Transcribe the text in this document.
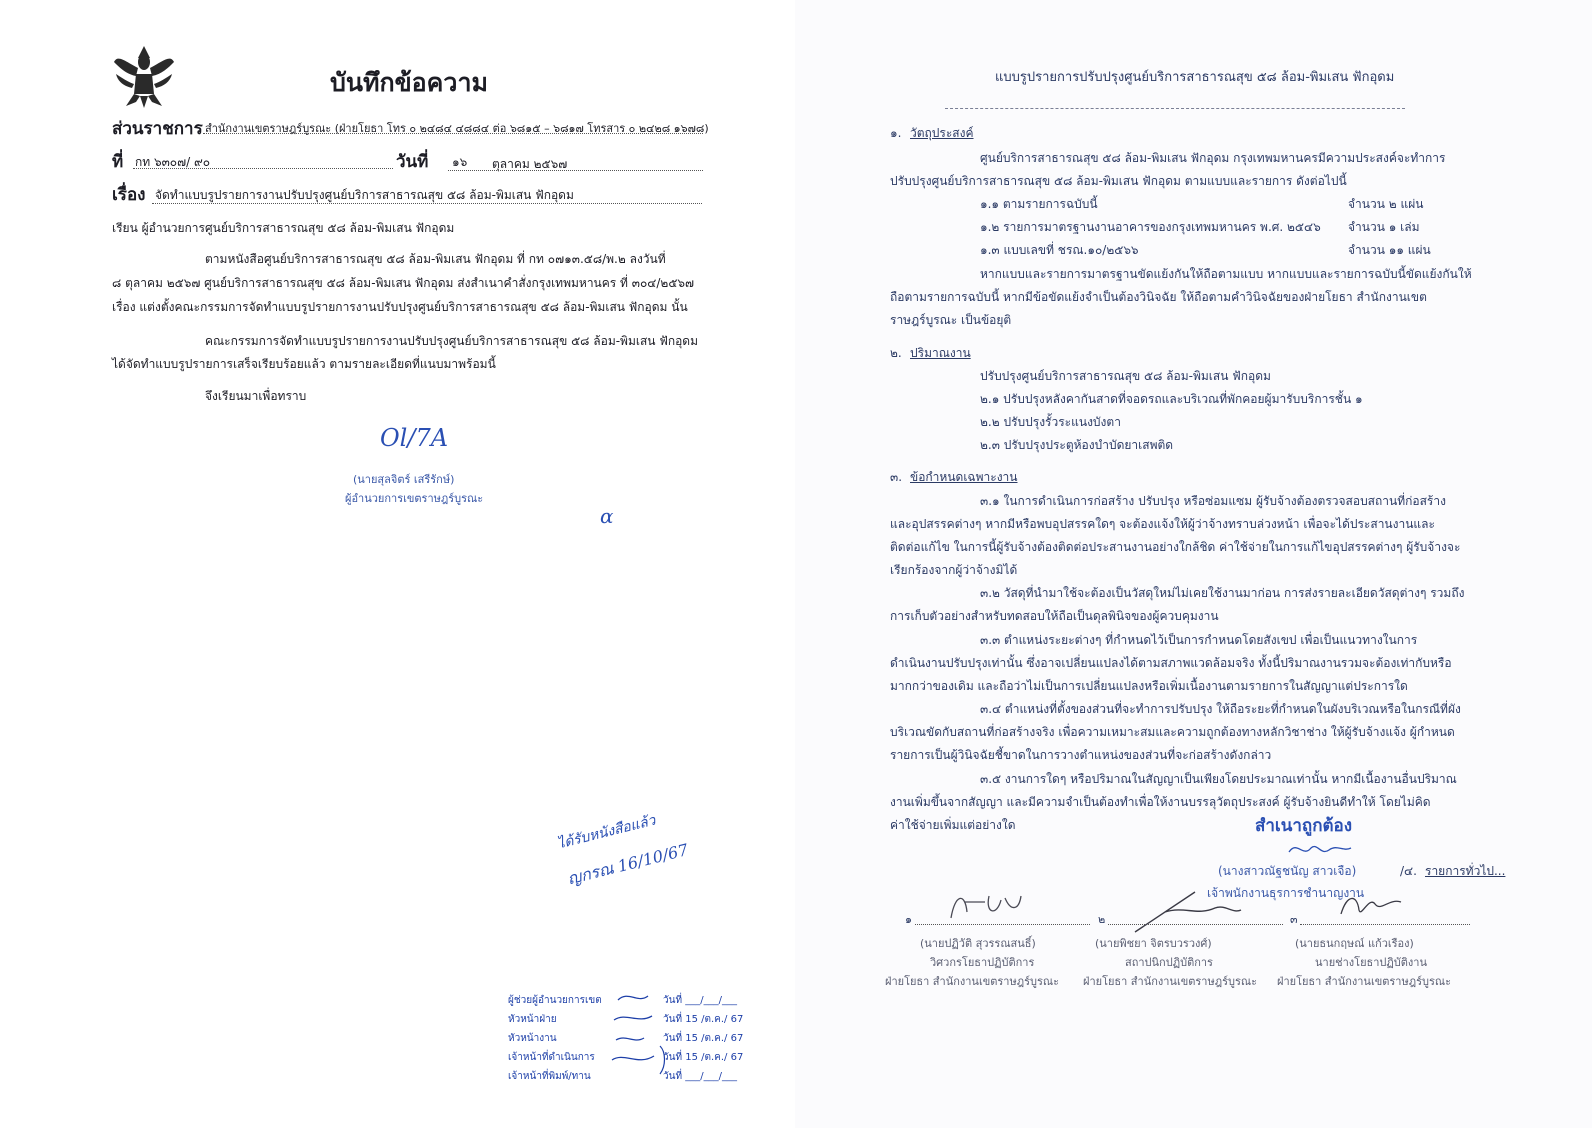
บันทึกข้อความ
ส่วนราชการ สำนักงานเขตราษฎร์บูรณะ (ฝ่ายโยธา โทร ๐ ๒๔๘๔ ๔๘๘๔ ต่อ ๖๘๑๕ – ๖๘๑๗ โทรสาร ๐ ๒๔๒๘ ๑๖๗๘)
ที่ กท ๖๓๐๗/ ๙๐	วันที่ ๑๖ ตุลาคม ๒๕๖๗
เรื่อง จัดทำแบบรูปรายการงานปรับปรุงศูนย์บริการสาธารณสุข ๕๘ ล้อม-พิมเสน ฟักอุดม
เรียน ผู้อำนวยการศูนย์บริการสาธารณสุข ๕๘ ล้อม-พิมเสน ฟักอุดม
ตามหนังสือศูนย์บริการสาธารณสุข ๕๘ ล้อม-พิมเสน ฟักอุดม ที่ กท ๐๗๑๓.๕๘/พ.๒ ลงวันที่
๘ ตุลาคม ๒๕๖๗ ศูนย์บริการสาธารณสุข ๕๘ ล้อม-พิมเสน ฟักอุดม ส่งสำเนาคำสั่งกรุงเทพมหานคร ที่ ๓๐๔/๒๕๖๗
เรื่อง แต่งตั้งคณะกรรมการจัดทำแบบรูปรายการงานปรับปรุงศูนย์บริการสาธารณสุข ๕๘ ล้อม-พิมเสน ฟักอุดม นั้น
คณะกรรมการจัดทำแบบรูปรายการงานปรับปรุงศูนย์บริการสาธารณสุข ๕๘ ล้อม-พิมเสน ฟักอุดม
ได้จัดทำแบบรูปรายการเสร็จเรียบร้อยแล้ว ตามรายละเอียดที่แนบมาพร้อมนี้
จึงเรียนมาเพื่อทราบ
Ol/7A
(นายสุลจิตร์ เสรีรักษ์)
ผู้อำนวยการเขตราษฎร์บูรณะ
ɑ
ได้รับหนังสือแล้ว
ญกรณ 16/10/67
ผู้ช่วยผู้อำนวยการเขต	วันที่ ___/___/___
หัวหน้าฝ่าย	วันที่ 15 /ต.ค./ 67
หัวหน้างาน	วันที่ 15 /ต.ค./ 67
เจ้าหน้าที่ดำเนินการ	วันที่ 15 /ต.ค./ 67
เจ้าหน้าที่พิมพ์/ทาน	วันที่ ___/___/___
แบบรูปรายการปรับปรุงศูนย์บริการสาธารณสุข ๕๘ ล้อม-พิมเสน ฟักอุดม
๑. วัตถุประสงค์
ศูนย์บริการสาธารณสุข ๕๘ ล้อม-พิมเสน ฟักอุดม กรุงเทพมหานครมีความประสงค์จะทำการ
ปรับปรุงศูนย์บริการสาธารณสุข ๕๘ ล้อม-พิมเสน ฟักอุดม ตามแบบและรายการ ดังต่อไปนี้
๑.๑ ตามรายการฉบับนี้	จำนวน ๒ แผ่น
๑.๒ รายการมาตรฐานงานอาคารของกรุงเทพมหานคร พ.ศ. ๒๕๔๖ จำนวน ๑ เล่ม
๑.๓ แบบเลขที่ ชรณ.๑๐/๒๕๖๖	จำนวน ๑๑ แผ่น
หากแบบและรายการมาตรฐานขัดแย้งกันให้ถือตามแบบ หากแบบและรายการฉบับนี้ขัดแย้งกันให้
ถือตามรายการฉบับนี้ หากมีข้อขัดแย้งจำเป็นต้องวินิจฉัย ให้ถือตามคำวินิจฉัยของฝ่ายโยธา สำนักงานเขต
ราษฎร์บูรณะ เป็นข้อยุติ
๒. ปริมาณงาน
ปรับปรุงศูนย์บริการสาธารณสุข ๕๘ ล้อม-พิมเสน ฟักอุดม
๒.๑ ปรับปรุงหลังคากันสาดที่จอดรถและบริเวณที่พักคอยผู้มารับบริการชั้น ๑
๒.๒ ปรับปรุงรั้วระแนงบังตา
๒.๓ ปรับปรุงประตูห้องบำบัดยาเสพติด
๓. ข้อกำหนดเฉพาะงาน
๓.๑ ในการดำเนินการก่อสร้าง ปรับปรุง หรือซ่อมแซม ผู้รับจ้างต้องตรวจสอบสถานที่ก่อสร้าง
และอุปสรรคต่างๆ หากมีหรือพบอุปสรรคใดๆ จะต้องแจ้งให้ผู้ว่าจ้างทราบล่วงหน้า เพื่อจะได้ประสานงานและ
ติดต่อแก้ไข ในการนี้ผู้รับจ้างต้องติดต่อประสานงานอย่างใกล้ชิด ค่าใช้จ่ายในการแก้ไขอุปสรรคต่างๆ ผู้รับจ้างจะ
เรียกร้องจากผู้ว่าจ้างมิได้
๓.๒ วัสดุที่นำมาใช้จะต้องเป็นวัสดุใหม่ไม่เคยใช้งานมาก่อน การส่งรายละเอียดวัสดุต่างๆ รวมถึง
การเก็บตัวอย่างสำหรับทดสอบให้ถือเป็นดุลพินิจของผู้ควบคุมงาน
๓.๓ ตำแหน่งระยะต่างๆ ที่กำหนดไว้เป็นการกำหนดโดยสังเขป เพื่อเป็นแนวทางในการ
ดำเนินงานปรับปรุงเท่านั้น ซึ่งอาจเปลี่ยนแปลงได้ตามสภาพแวดล้อมจริง ทั้งนี้ปริมาณงานรวมจะต้องเท่ากับหรือ
มากกว่าของเดิม และถือว่าไม่เป็นการเปลี่ยนแปลงหรือเพิ่มเนื้องานตามรายการในสัญญาแต่ประการใด
๓.๔ ตำแหน่งที่ตั้งของส่วนที่จะทำการปรับปรุง ให้ถือระยะที่กำหนดในผังบริเวณหรือในกรณีที่ผัง
บริเวณขัดกับสถานที่ก่อสร้างจริง เพื่อความเหมาะสมและความถูกต้องทางหลักวิชาช่าง ให้ผู้รับจ้างแจ้ง ผู้กำหนด
รายการเป็นผู้วินิจฉัยชี้ขาดในการวางตำแหน่งของส่วนที่จะก่อสร้างดังกล่าว
๓.๕ งานการใดๆ หรือปริมาณในสัญญาเป็นเพียงโดยประมาณเท่านั้น หากมีเนื้องานอื่นปริมาณ
งานเพิ่มขึ้นจากสัญญา และมีความจำเป็นต้องทำเพื่อให้งานบรรลุวัตถุประสงค์ ผู้รับจ้างยินดีทำให้ โดยไม่คิด
ค่าใช้จ่ายเพิ่มแต่อย่างใด	สำเนาถูกต้อง
(นางสาวณัฐชนัญ สาวเจือ)
เจ้าพนักงานธุรการชำนาญงาน
/๔. รายการทั่วไป...
๑
(นายปฏิวัติ สุวรรณสนธิ์)
วิศวกรโยธาปฏิบัติการ
ฝ่ายโยธา สำนักงานเขตราษฎร์บูรณะ
๒
(นายพิชยา จิตรบวรวงศ์)
สถาปนิกปฏิบัติการ
ฝ่ายโยธา สำนักงานเขตราษฎร์บูรณะ
๓
(นายธนกฤษณ์ แก้วเรือง)
นายช่างโยธาปฏิบัติงาน
ฝ่ายโยธา สำนักงานเขตราษฎร์บูรณะ
